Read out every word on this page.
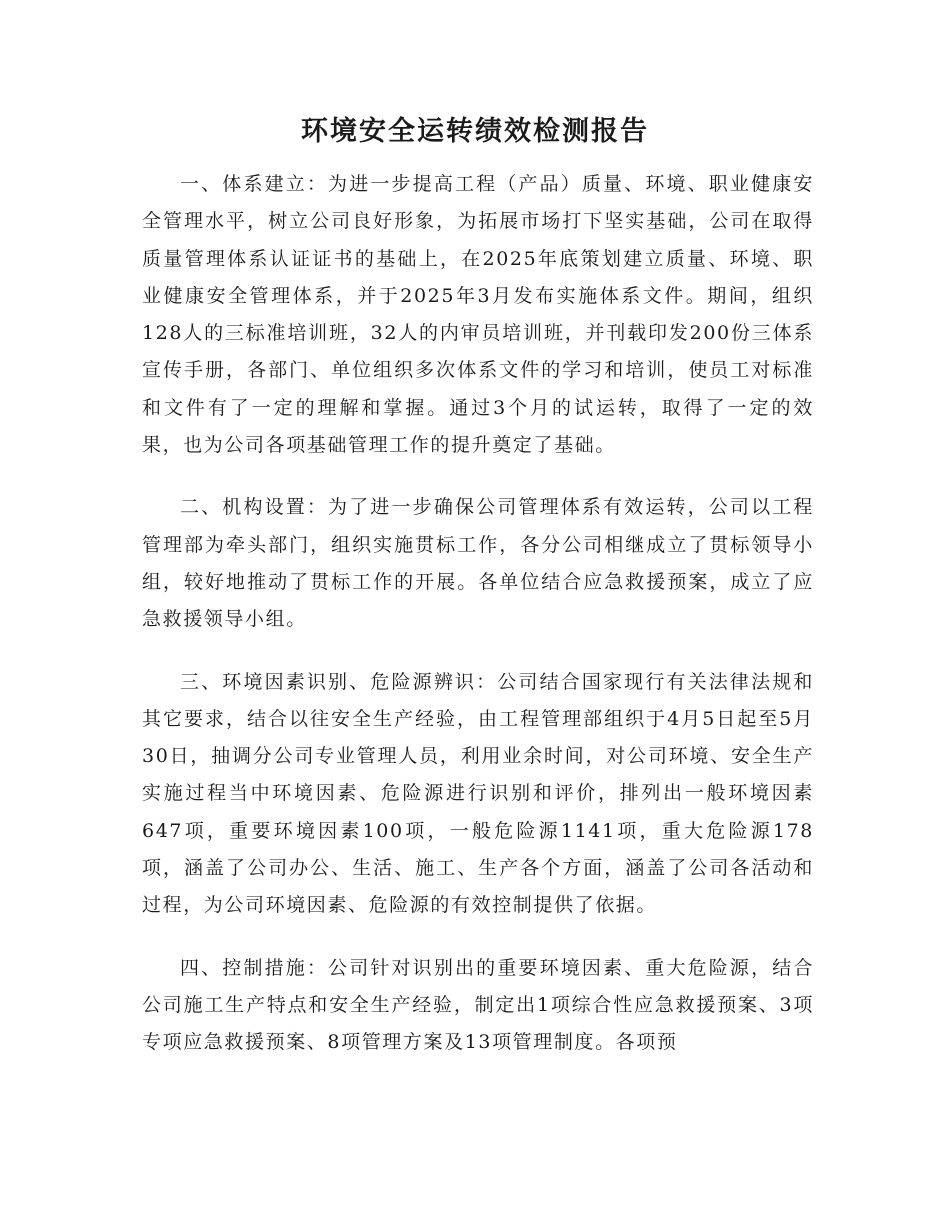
环境安全运转绩效检测报告

一、体系建立：为进一步提高工程（产品）质量、环境、职业健康安全管理水平，树立公司良好形象，为拓展市场打下坚实基础，公司在取得质量管理体系认证证书的基础上，在2025年底策划建立质量、环境、职业健康安全管理体系，并于2025年3月发布实施体系文件。期间，组织128人的三标准培训班，32人的内审员培训班，并刊载印发200份三体系宣传手册，各部门、单位组织多次体系文件的学习和培训，使员工对标准和文件有了一定的理解和掌握。通过3个月的试运转，取得了一定的效果，也为公司各项基础管理工作的提升奠定了基础。

二、机构设置：为了进一步确保公司管理体系有效运转，公司以工程管理部为牵头部门，组织实施贯标工作，各分公司相继成立了贯标领导小组，较好地推动了贯标工作的开展。各单位结合应急救援预案，成立了应急救援领导小组。

三、环境因素识别、危险源辨识：公司结合国家现行有关法律法规和其它要求，结合以往安全生产经验，由工程管理部组织于4月5日起至5月30日，抽调分公司专业管理人员，利用业余时间，对公司环境、安全生产实施过程当中环境因素、危险源进行识别和评价，排列出一般环境因素647项，重要环境因素100项，一般危险源1141项，重大危险源178项，涵盖了公司办公、生活、施工、生产各个方面，涵盖了公司各活动和过程，为公司环境因素、危险源的有效控制提供了依据。

四、控制措施：公司针对识别出的重要环境因素、重大危险源，结合公司施工生产特点和安全生产经验，制定出1项综合性应急救援预案、3项专项应急救援预案、8项管理方案及13项管理制度。各项预
